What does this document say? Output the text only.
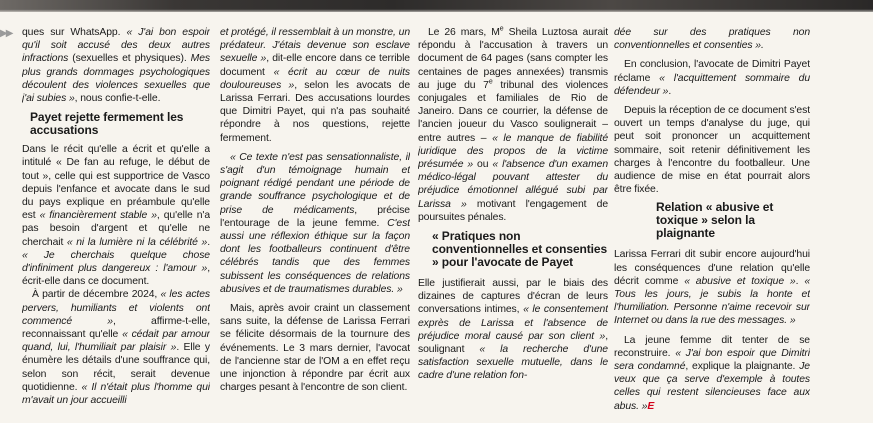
▶▶ ques sur WhatsApp. « J'ai bon espoir qu'il soit accusé des deux autres infractions (sexuelles et physiques). Mes plus grands dommages psychologiques découlent des violences sexuelles que j'ai subies », nous confie-t-elle.

Payet rejette fermement les accusations

Dans le récit qu'elle a écrit et qu'elle a intitulé « De fan au refuge, le début de tout », celle qui est supportrice de Vasco depuis l'enfance et avocate dans le sud du pays explique en préambule qu'elle est « financièrement stable », qu'elle n'a pas besoin d'argent et qu'elle ne cherchait « ni la lumière ni la célébrité ». « Je cherchais quelque chose d'infiniment plus dangereux : l'amour », écrit-elle dans ce document.

À partir de décembre 2024, « les actes pervers, humiliants et violents ont commencé », affirme-t-elle, reconnaissant qu'elle « cédait par amour quand, lui, l'humiliait par plaisir ». Elle y énumère les détails d'une souffrance qui, selon son récit, serait devenue quotidienne. « Il n'était plus l'homme qui m'avait un jour accueilli

et protégé, il ressemblait à un monstre, un prédateur. J'étais devenue son esclave sexuelle », dit-elle encore dans ce terrible document « écrit au cœur de nuits douloureuses », selon les avocats de Larissa Ferrari. Des accusations lourdes que Dimitri Payet, qui n'a pas souhaité répondre à nos questions, rejette fermement.

« Ce texte n'est pas sensationnaliste, il s'agit d'un témoignage humain et poignant rédigé pendant une période de grande souffrance psychologique et de prise de médicaments, précise l'entourage de la jeune femme. C'est aussi une réflexion éthique sur la façon dont les footballeurs continuent d'être célébrés tandis que des femmes subissent les conséquences de relations abusives et de traumatismes durables. »

Mais, après avoir craint un classement sans suite, la défense de Larissa Ferrari se félicite désormais de la tournure des événements. Le 3 mars dernier, l'avocat de l'ancienne star de l'OM a en effet reçu une injonction à répondre par écrit aux charges pesant à l'encontre de son client.

Le 26 mars, Me Sheila Luztosa aurait répondu à l'accusation à travers un document de 64 pages (sans compter les centaines de pages annexées) transmis au juge du 7e tribunal des violences conjugales et familiales de Rio de Janeiro. Dans ce courrier, la défense de l'ancien joueur du Vasco soulignerait – entre autres – « le manque de fiabilité juridique des propos de la victime présumée » ou « l'absence d'un examen médico-légal pouvant attester du préjudice émotionnel allégué subi par Larissa » motivant l'engagement de poursuites pénales.

« Pratiques non conventionnelles et consenties » pour l'avocate de Payet

Elle justifierait aussi, par le biais des dizaines de captures d'écran de leurs conversations intimes, « le consentement exprès de Larissa et l'absence de préjudice moral causé par son client », soulignant « la recherche d'une satisfaction sexuelle mutuelle, dans le cadre d'une relation fon-

dée sur des pratiques non conventionnelles et consenties ».

En conclusion, l'avocate de Dimitri Payet réclame « l'acquittement sommaire du défendeur ».

Depuis la réception de ce document s'est ouvert un temps d'analyse du juge, qui peut soit prononcer un acquittement sommaire, soit retenir définitivement les charges à l'encontre du footballeur. Une audience de mise en état pourrait alors être fixée.

Relation « abusive et toxique » selon la plaignante

Larissa Ferrari dit subir encore aujourd'hui les conséquences d'une relation qu'elle décrit comme « abusive et toxique ». « Tous les jours, je subis la honte et l'humiliation. Personne n'aime recevoir sur Internet ou dans la rue des messages. »

La jeune femme dit tenter de se reconstruire. « J'ai bon espoir que Dimitri sera condamné, explique la plaignante. Je veux que ça serve d'exemple à toutes celles qui restent silencieuses face aux abus. »E
